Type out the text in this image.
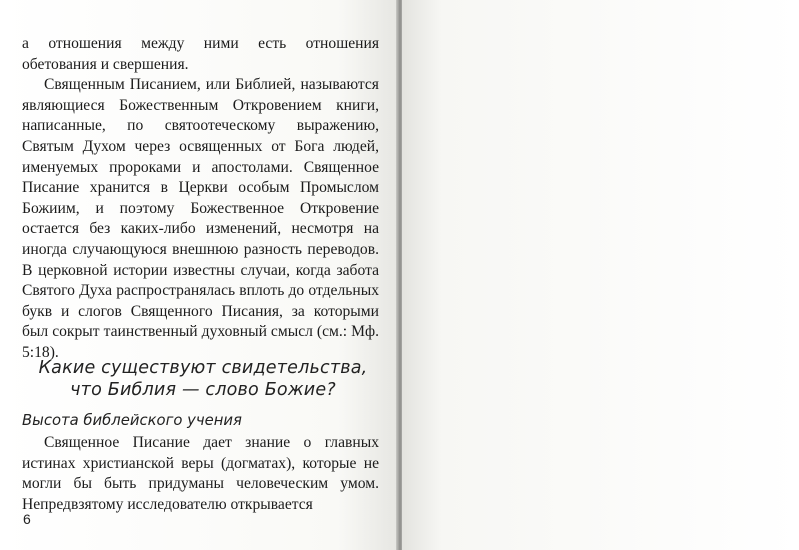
а отношения между ними есть отношения обетования и свершения.

Священным Писанием, или Библией, называются являющиеся Божественным Откровением книги, написанные, по святоотеческому выражению, Святым Духом через освященных от Бога людей, именуемых пророками и апостолами. Священное Писание хранится в Церкви особым Промыслом Божиим, и поэтому Божественное Откровение остается без каких-либо изменений, несмотря на иногда случающуюся внешнюю разность переводов. В церковной истории известны случаи, когда забота Святого Духа распространялась вплоть до отдельных букв и слогов Священного Писания, за которыми был сокрыт таинственный духовный смысл (см.: Мф. 5:18).

Какие существуют свидетельства, что Библия — слово Божие?
Высота библейского учения

Священное Писание дает знание о главных истинах христианской веры (догматах), которые не могли бы быть придуманы человеческим умом. Непредвзятому исследователю открывается

6
